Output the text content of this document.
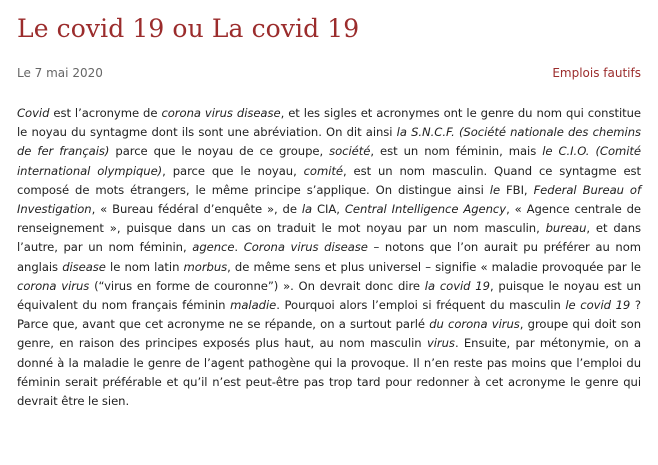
Le covid 19 ou La covid 19
Le 7 mai 2020	Emplois fautifs

Covid est l’acronyme de corona virus disease, et les sigles et acronymes ont le genre du nom qui constitue le noyau du syntagme dont ils sont une abréviation. On dit ainsi la S.N.C.F. (Société nationale des chemins de fer français) parce que le noyau de ce groupe, société, est un nom féminin, mais le C.I.O. (Comité international olympique), parce que le noyau, comité, est un nom masculin. Quand ce syntagme est composé de mots étrangers, le même principe s’applique. On distingue ainsi le FBI, Federal Bureau of Investigation, « Bureau fédéral d’enquête », de la CIA, Central Intelligence Agency, « Agence centrale de renseignement », puisque dans un cas on traduit le mot noyau par un nom masculin, bureau, et dans l’autre, par un nom féminin, agence. Corona virus disease – notons que l’on aurait pu préférer au nom anglais disease le nom latin morbus, de même sens et plus universel – signifie « maladie provoquée par le corona virus (“virus en forme de couronne”) ». On devrait donc dire la covid 19, puisque le noyau est un équivalent du nom français féminin maladie. Pourquoi alors l’emploi si fréquent du masculin le covid 19 ? Parce que, avant que cet acronyme ne se répande, on a surtout parlé du corona virus, groupe qui doit son genre, en raison des principes exposés plus haut, au nom masculin virus. Ensuite, par métonymie, on a donné à la maladie le genre de l’agent pathogène qui la provoque. Il n’en reste pas moins que l’emploi du féminin serait préférable et qu’il n’est peut-être pas trop tard pour redonner à cet acronyme le genre qui devrait être le sien.
